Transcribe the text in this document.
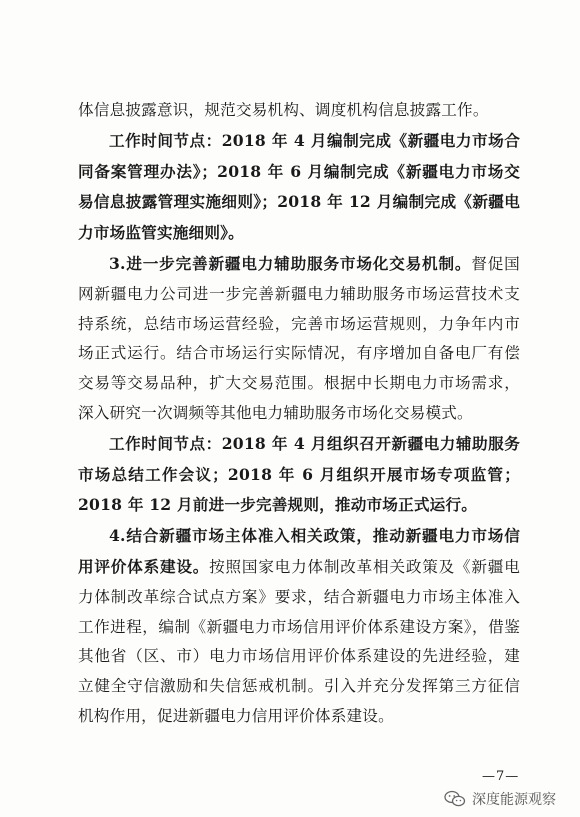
体信息披露意识，规范交易机构、调度机构信息披露工作。

工作时间节点：2018 年 4 月编制完成《新疆电力市场合同备案管理办法》；2018 年 6 月编制完成《新疆电力市场交易信息披露管理实施细则》；2018 年 12 月编制完成《新疆电力市场监管实施细则》。

3.进一步完善新疆电力辅助服务市场化交易机制。督促国网新疆电力公司进一步完善新疆电力辅助服务市场运营技术支持系统，总结市场运营经验，完善市场运营规则，力争年内市场正式运行。结合市场运行实际情况，有序增加自备电厂有偿交易等交易品种，扩大交易范围。根据中长期电力市场需求，深入研究一次调频等其他电力辅助服务市场化交易模式。

工作时间节点：2018 年 4 月组织召开新疆电力辅助服务市场总结工作会议；2018 年 6 月组织开展市场专项监管；2018 年 12 月前进一步完善规则，推动市场正式运行。

4.结合新疆市场主体准入相关政策，推动新疆电力市场信用评价体系建设。按照国家电力体制改革相关政策及《新疆电力体制改革综合试点方案》要求，结合新疆电力市场主体准入工作进程，编制《新疆电力市场信用评价体系建设方案》，借鉴其他省（区、市）电力市场信用评价体系建设的先进经验，建立健全守信激励和失信惩戒机制。引入并充分发挥第三方征信机构作用，促进新疆电力信用评价体系建设。

—7—
深度能源观察
